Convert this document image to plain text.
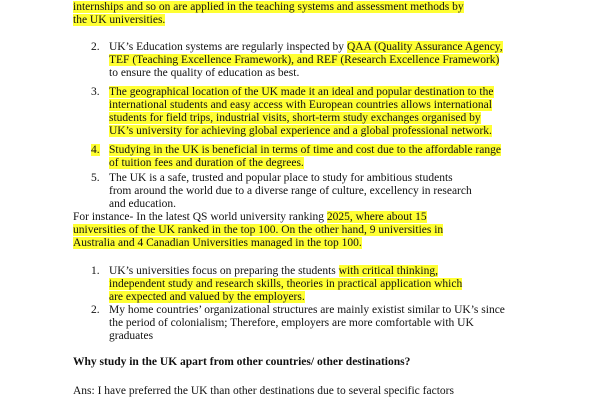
internships and so on are applied in the teaching systems and assessment methods by
the UK universities.
2. UK’s Education systems are regularly inspected by QAA (Quality Assurance Agency,
TEF (Teaching Excellence Framework), and REF (Research Excellence Framework)
to ensure the quality of education as best.
3. The geographical location of the UK made it an ideal and popular destination to the
international students and easy access with European countries allows international
students for field trips, industrial visits, short-term study exchanges organised by
UK’s university for achieving global experience and a global professional network.
4. Studying in the UK is beneficial in terms of time and cost due to the affordable range
of tuition fees and duration of the degrees.
5. The UK is a safe, trusted and popular place to study for ambitious students
from around the world due to a diverse range of culture, excellency in research
and education.
For instance- In the latest QS world university ranking 2025, where about 15
universities of the UK ranked in the top 100. On the other hand, 9 universities in
Australia and 4 Canadian Universities managed in the top 100.
1. UK’s universities focus on preparing the students with critical thinking,
independent study and research skills, theories in practical application which
are expected and valued by the employers.
2. My home countries’ organizational structures are mainly existist similar to UK’s since
the period of colonialism; Therefore, employers are more comfortable with UK
graduates
Why study in the UK apart from other countries/ other destinations?
Ans: I have preferred the UK than other destinations due to several specific factors
